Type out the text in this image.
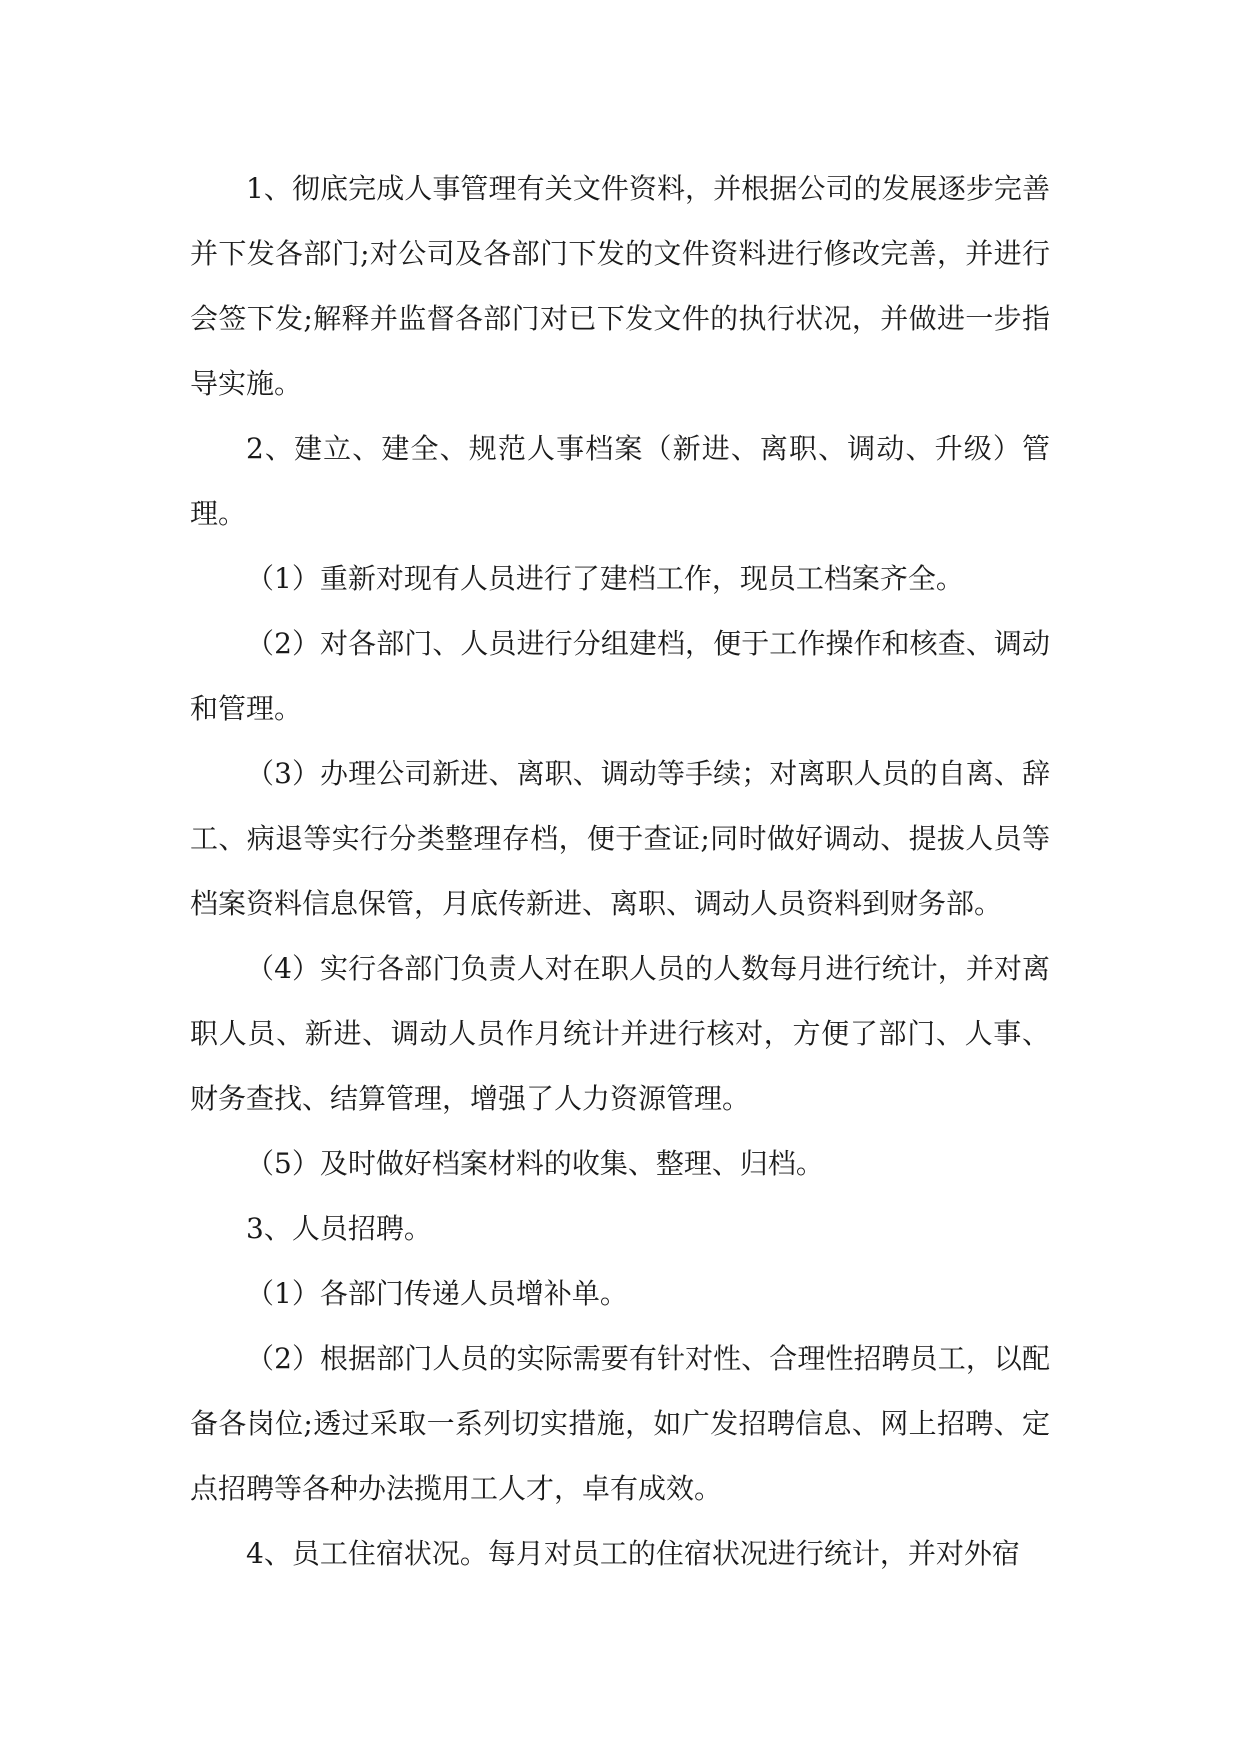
1、彻底完成人事管理有关文件资料，并根据公司的发展逐步完善并下发各部门;对公司及各部门下发的文件资料进行修改完善，并进行会签下发;解释并监督各部门对已下发文件的执行状况，并做进一步指导实施。

2、建立、建全、规范人事档案（新进、离职、调动、升级）管理。

（1）重新对现有人员进行了建档工作，现员工档案齐全。

（2）对各部门、人员进行分组建档，便于工作操作和核查、调动和管理。

（3）办理公司新进、离职、调动等手续；对离职人员的自离、辞工、病退等实行分类整理存档，便于查证;同时做好调动、提拔人员等档案资料信息保管，月底传新进、离职、调动人员资料到财务部。

（4）实行各部门负责人对在职人员的人数每月进行统计，并对离职人员、新进、调动人员作月统计并进行核对，方便了部门、人事、财务查找、结算管理，增强了人力资源管理。

（5）及时做好档案材料的收集、整理、归档。

3、人员招聘。

（1）各部门传递人员增补单。

（2）根据部门人员的实际需要有针对性、合理性招聘员工，以配备各岗位;透过采取一系列切实措施，如广发招聘信息、网上招聘、定点招聘等各种办法揽用工人才，卓有成效。

4、员工住宿状况。每月对员工的住宿状况进行统计，并对外宿
